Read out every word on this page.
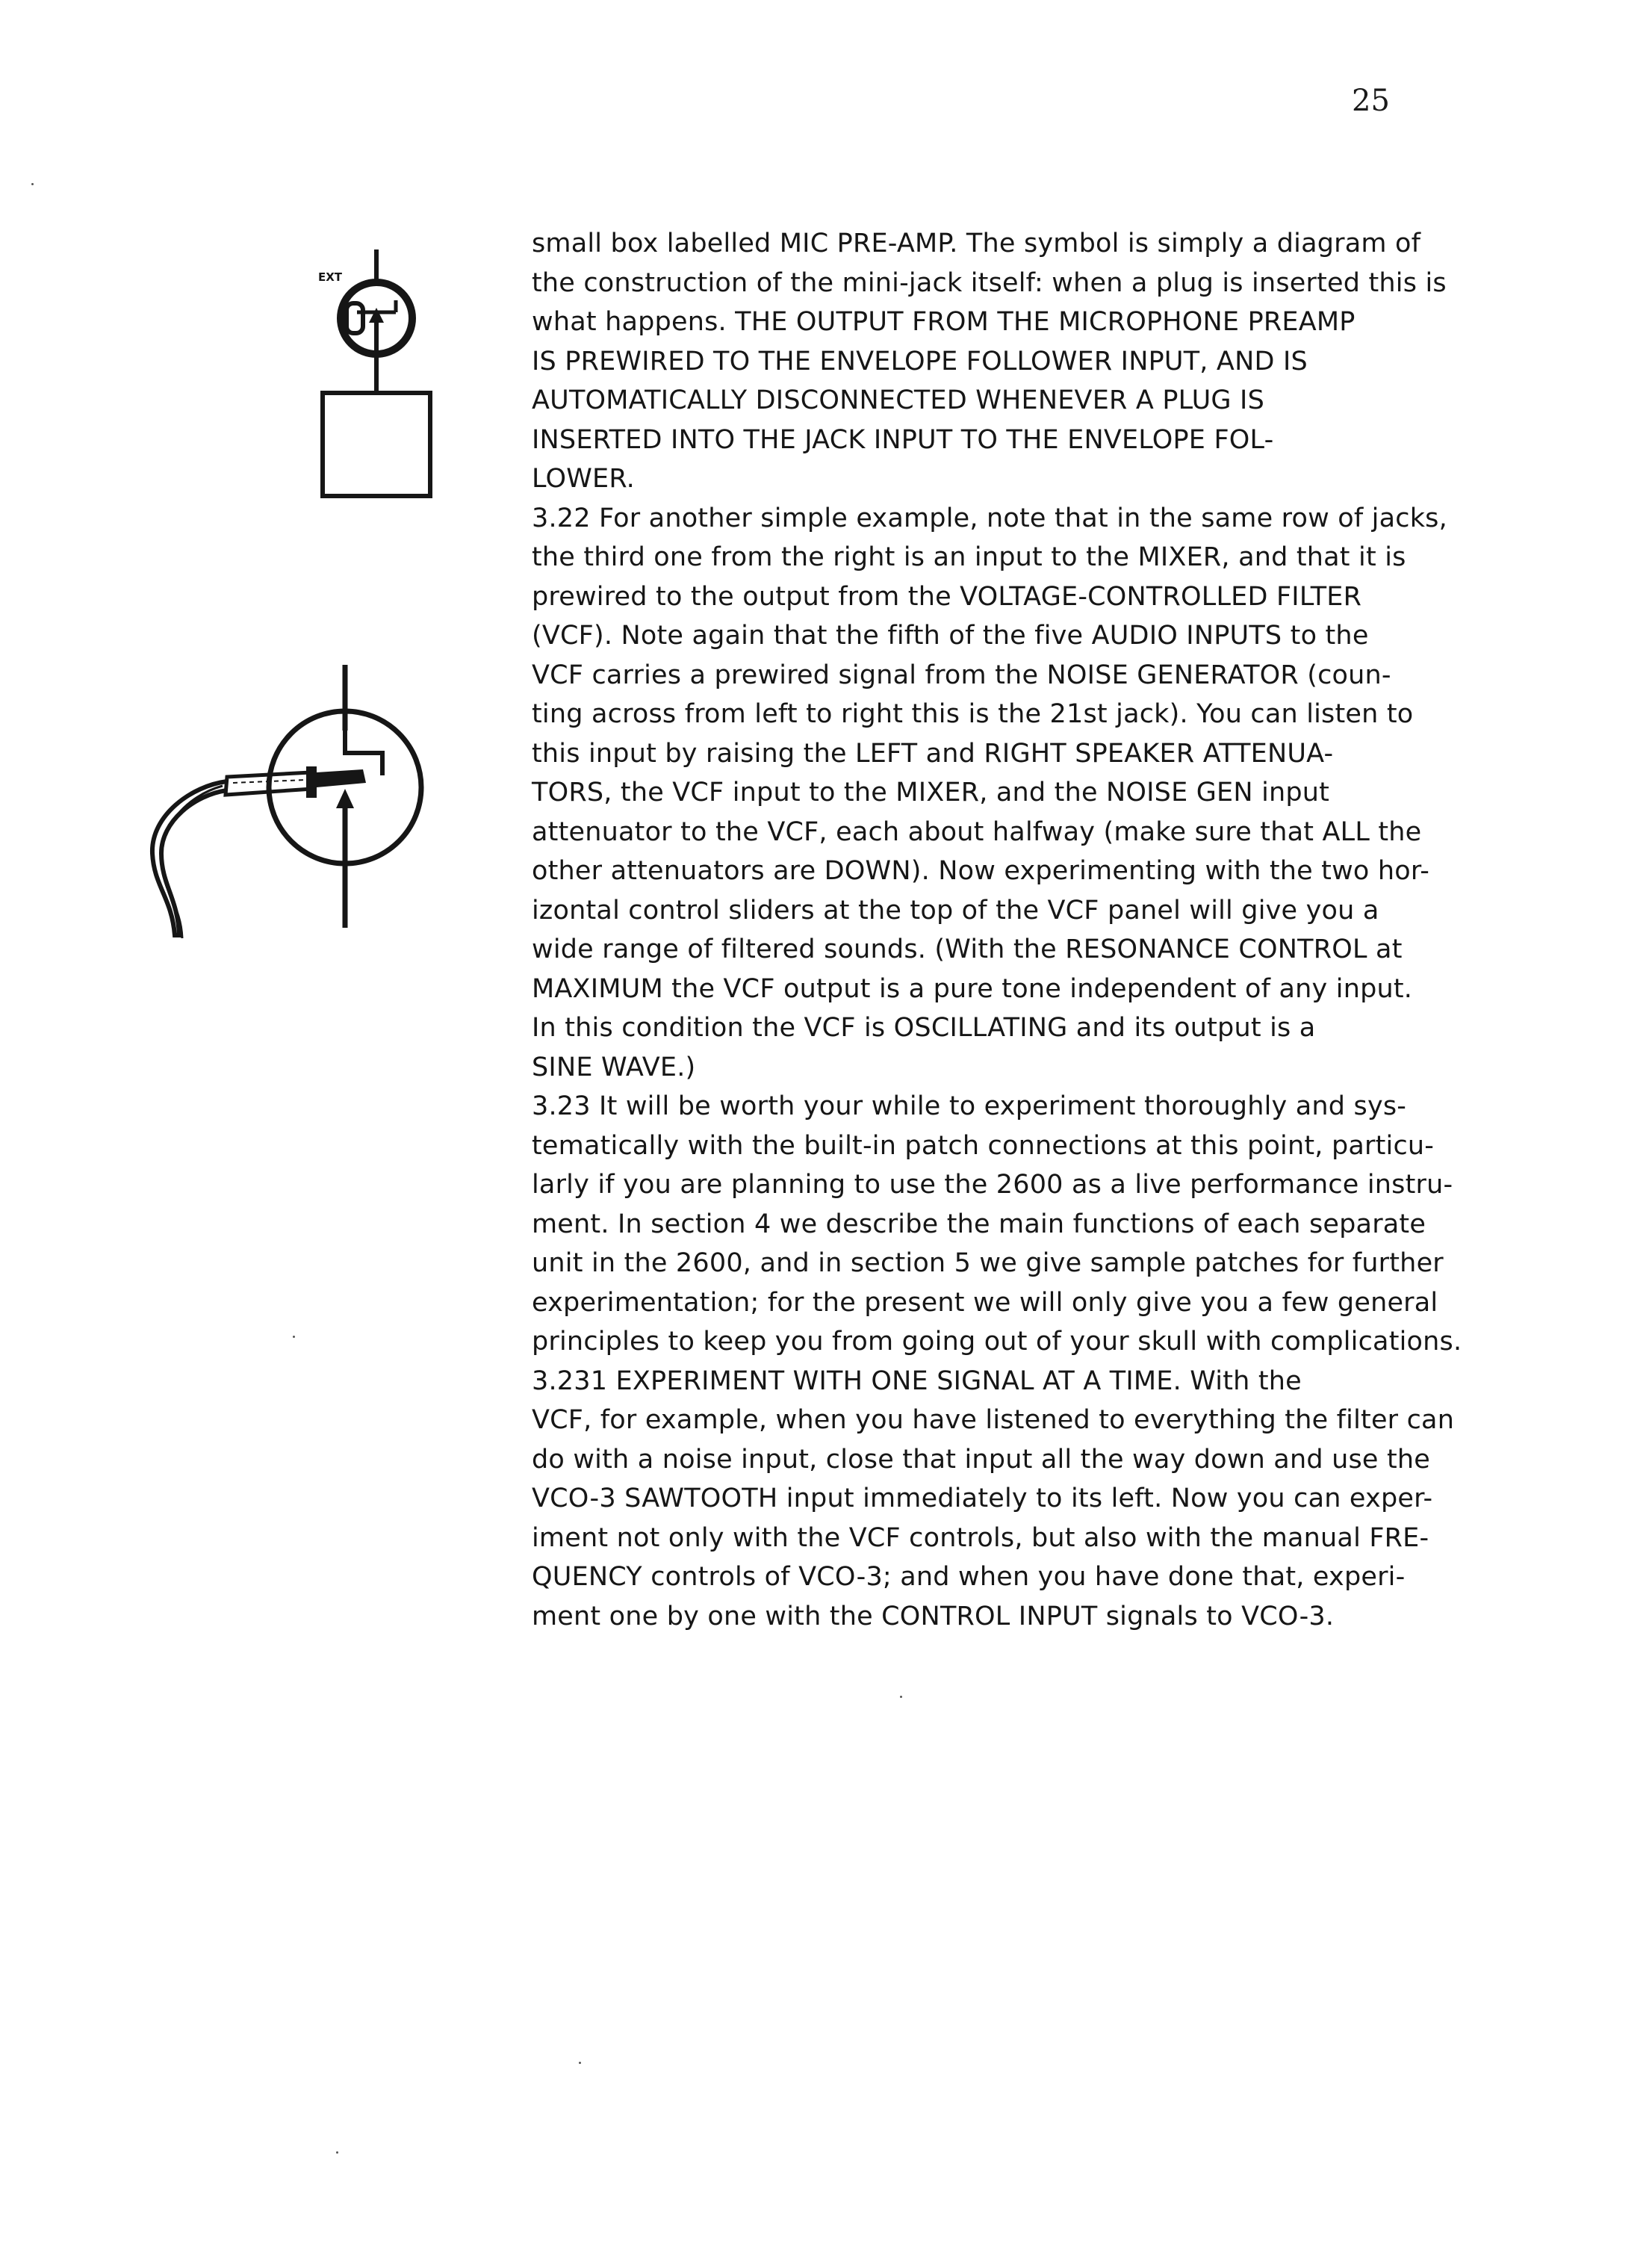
25
EXT
small box labelled MIC PRE-AMP. The symbol is simply a diagram of
the construction of the mini-jack itself: when a plug is inserted this is
what happens. THE OUTPUT FROM THE MICROPHONE PREAMP
IS PREWIRED TO THE ENVELOPE FOLLOWER INPUT, AND IS
AUTOMATICALLY DISCONNECTED WHENEVER A PLUG IS
INSERTED INTO THE JACK INPUT TO THE ENVELOPE FOL-
LOWER.
3.22 For another simple example, note that in the same row of jacks,
the third one from the right is an input to the MIXER, and that it is
prewired to the output from the VOLTAGE-CONTROLLED FILTER
(VCF). Note again that the fifth of the five AUDIO INPUTS to the
VCF carries a prewired signal from the NOISE GENERATOR (coun-
ting across from left to right this is the 21st jack). You can listen to
this input by raising the LEFT and RIGHT SPEAKER ATTENUA-
TORS, the VCF input to the MIXER, and the NOISE GEN input
attenuator to the VCF, each about halfway (make sure that ALL the
other attenuators are DOWN). Now experimenting with the two hor-
izontal control sliders at the top of the VCF panel will give you a
wide range of filtered sounds. (With the RESONANCE CONTROL at
MAXIMUM the VCF output is a pure tone independent of any input.
In this condition the VCF is OSCILLATING and its output is a
SINE WAVE.)
3.23 It will be worth your while to experiment thoroughly and sys-
tematically with the built-in patch connections at this point, particu-
larly if you are planning to use the 2600 as a live performance instru-
ment. In section 4 we describe the main functions of each separate
unit in the 2600, and in section 5 we give sample patches for further
experimentation; for the present we will only give you a few general
principles to keep you from going out of your skull with complications.
3.231 EXPERIMENT WITH ONE SIGNAL AT A TIME. With the
VCF, for example, when you have listened to everything the filter can
do with a noise input, close that input all the way down and use the
VCO-3 SAWTOOTH input immediately to its left. Now you can exper-
iment not only with the VCF controls, but also with the manual FRE-
QUENCY controls of VCO-3; and when you have done that, experi-
ment one by one with the CONTROL INPUT signals to VCO-3.
